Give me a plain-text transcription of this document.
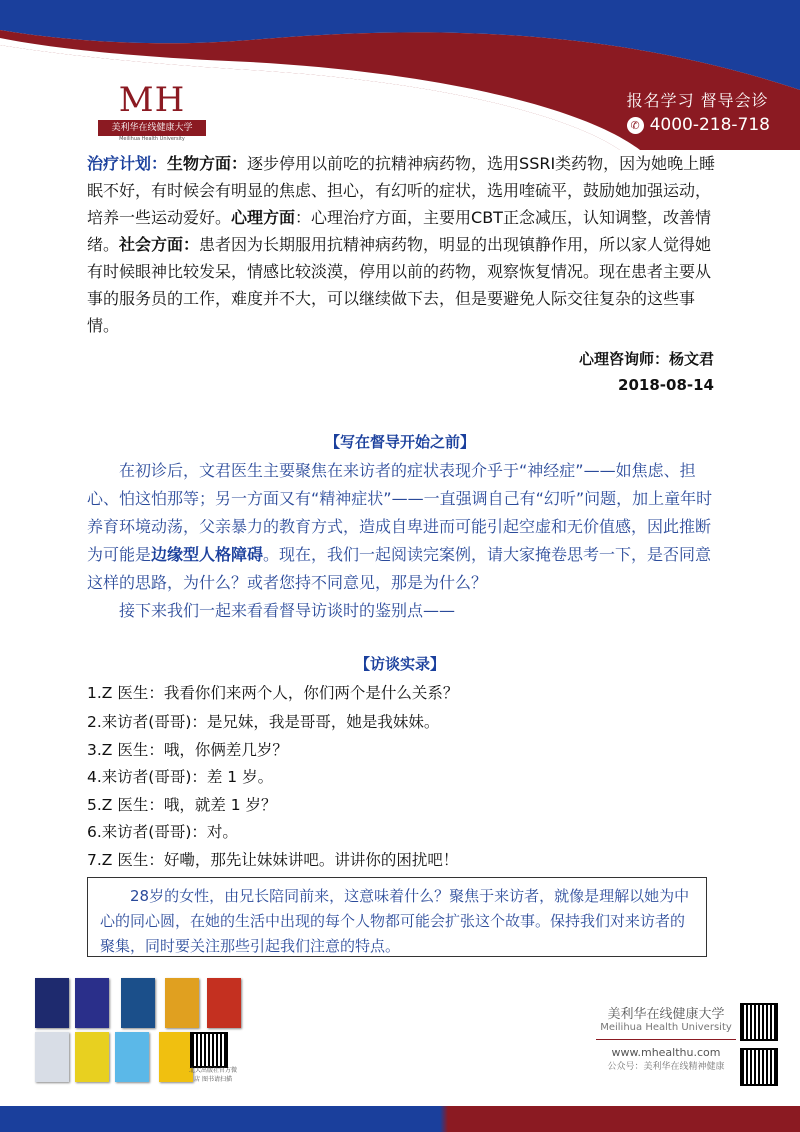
MH
美利华在线健康大学
Meilihua Health University
报名学习 督导会诊
✆ 4000-218-718
治疗计划：生物方面：逐步停用以前吃的抗精神病药物，选用SSRI类药物，因为她晚上睡眠不好，有时候会有明显的焦虑、担心，有幻听的症状，选用喹硫平，鼓励她加强运动，培养一些运动爱好。心理方面：心理治疗方面，主要用CBT正念减压，认知调整，改善情绪。社会方面：患者因为长期服用抗精神病药物，明显的出现镇静作用，所以家人觉得她有时候眼神比较发呆，情感比较淡漠，停用以前的药物，观察恢复情况。现在患者主要从事的服务员的工作，难度并不大，可以继续做下去，但是要避免人际交往复杂的这些事情。
心理咨询师：杨文君
2018-08-14
【写在督导开始之前】
在初诊后，文君医生主要聚焦在来访者的症状表现介乎于“神经症”——如焦虑、担心、怕这怕那等；另一方面又有“精神症状”——一直强调自己有“幻听”问题，加上童年时养育环境动荡，父亲暴力的教育方式，造成自卑进而可能引起空虚和无价值感，因此推断为可能是边缘型人格障碍。现在，我们一起阅读完案例，请大家掩卷思考一下，是否同意这样的思路，为什么？或者您持不同意见，那是为什么？
接下来我们一起来看看督导访谈时的鉴别点——
【访谈实录】
1.Z 医生：我看你们来两个人，你们两个是什么关系？
2.来访者(哥哥)：是兄妹，我是哥哥，她是我妹妹。
3.Z 医生：哦，你俩差几岁？
4.来访者(哥哥)：差 1 岁。
5.Z 医生：哦，就差 1 岁？
6.来访者(哥哥)：对。
7.Z 医生：好嘞，那先让妹妹讲吧。讲讲你的困扰吧！
28岁的女性，由兄长陪同前来，这意味着什么？聚焦于来访者，就像是理解以她为中心的同心圆，在她的生活中出现的每个人物都可能会扩张这个故事。保持我们对来访者的聚集，同时要关注那些引起我们注意的特点。
北大出版社官方微店 图书请扫描
美利华在线健康大学
Meilihua Health University
www.mhealthu.com
公众号：美利华在线精神健康
